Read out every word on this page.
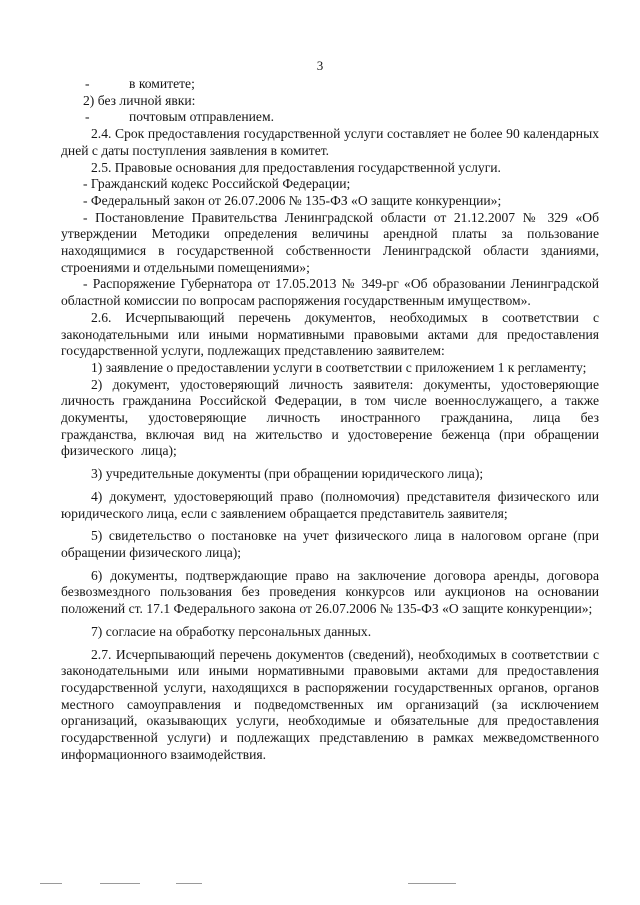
3

-	в комитете;

2) без личной явки:

-	почтовым отправлением.

2.4. Срок предоставления государственной услуги составляет не более 90 календарных дней с даты поступления заявления в комитет.

2.5. Правовые основания для предоставления государственной услуги.

- Гражданский кодекс Российской Федерации;

- Федеральный закон от 26.07.2006 № 135-ФЗ «О защите конкуренции»;

- Постановление Правительства Ленинградской области от 21.12.2007 № 329 «Об утверждении Методики определения величины арендной платы за пользование находящимися в государственной собственности Ленинградской области зданиями, строениями и отдельными помещениями»;

- Распоряжение Губернатора от 17.05.2013 № 349-рг «Об образовании Ленинградской областной комиссии по вопросам распоряжения государственным имуществом».

2.6. Исчерпывающий перечень документов, необходимых в соответствии с законодательными или иными нормативными правовыми актами для предоставления государственной услуги, подлежащих представлению заявителем:

1) заявление о предоставлении услуги в соответствии с приложением 1 к регламенту;

2) документ, удостоверяющий личность заявителя: документы, удостоверяющие личность гражданина Российской Федерации, в том числе военнослужащего, а также документы, удостоверяющие личность иностранного гражданина, лица без гражданства, включая вид на жительство и удостоверение беженца (при обращении физического лица);

3) учредительные документы (при обращении юридического лица);

4) документ, удостоверяющий право (полномочия) представителя физического или юридического лица, если с заявлением обращается представитель заявителя;

5) свидетельство о постановке на учет физического лица в налоговом органе (при обращении физического лица);

6) документы, подтверждающие право на заключение договора аренды, договора безвозмездного пользования без проведения конкурсов или аукционов на основании положений ст. 17.1 Федерального закона от 26.07.2006 № 135-ФЗ «О защите конкуренции»;

7) согласие на обработку персональных данных.

2.7. Исчерпывающий перечень документов (сведений), необходимых в соответствии с законодательными или иными нормативными правовыми актами для предоставления государственной услуги, находящихся в распоряжении государственных органов, органов местного самоуправления и подведомственных им организаций (за исключением организаций, оказывающих услуги, необходимые и обязательные для предоставления государственной услуги) и подлежащих представлению в рамках межведомственного информационного взаимодействия.
